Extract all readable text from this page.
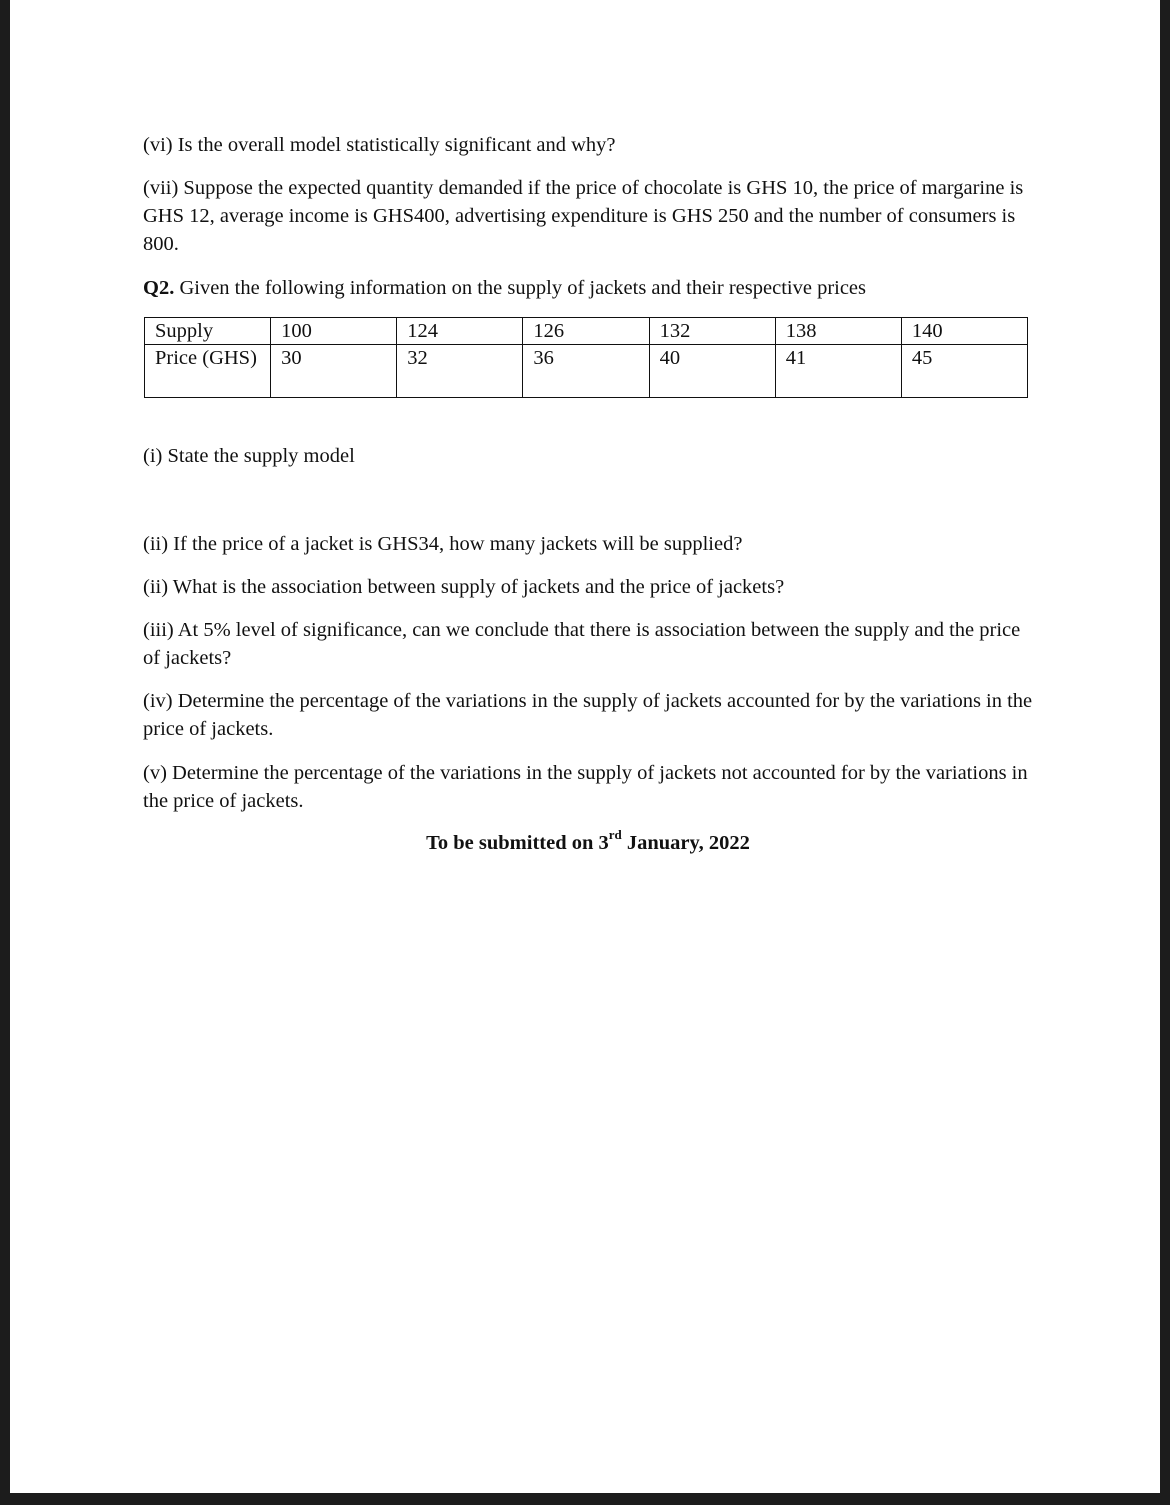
(vi) Is the overall model statistically significant and why?

(vii) Suppose the expected quantity demanded if the price of chocolate is GHS 10, the price of margarine is GHS 12, average income is GHS400, advertising expenditure is GHS 250 and the number of consumers is 800.

Q2. Given the following information on the supply of jackets and their respective prices

Supply	100	124	126	132	138	140
Price (GHS)	30	32	36	40	41	45

(i) State the supply model

(ii) If the price of a jacket is GHS34, how many jackets will be supplied?

(ii) What is the association between supply of jackets and the price of jackets?

(iii) At 5% level of significance, can we conclude that there is association between the supply and the price of jackets?

(iv) Determine the percentage of the variations in the supply of jackets accounted for by the variations in the price of jackets.

(v) Determine the percentage of the variations in the supply of jackets not accounted for by the variations in the price of jackets.

To be submitted on 3rd January, 2022
